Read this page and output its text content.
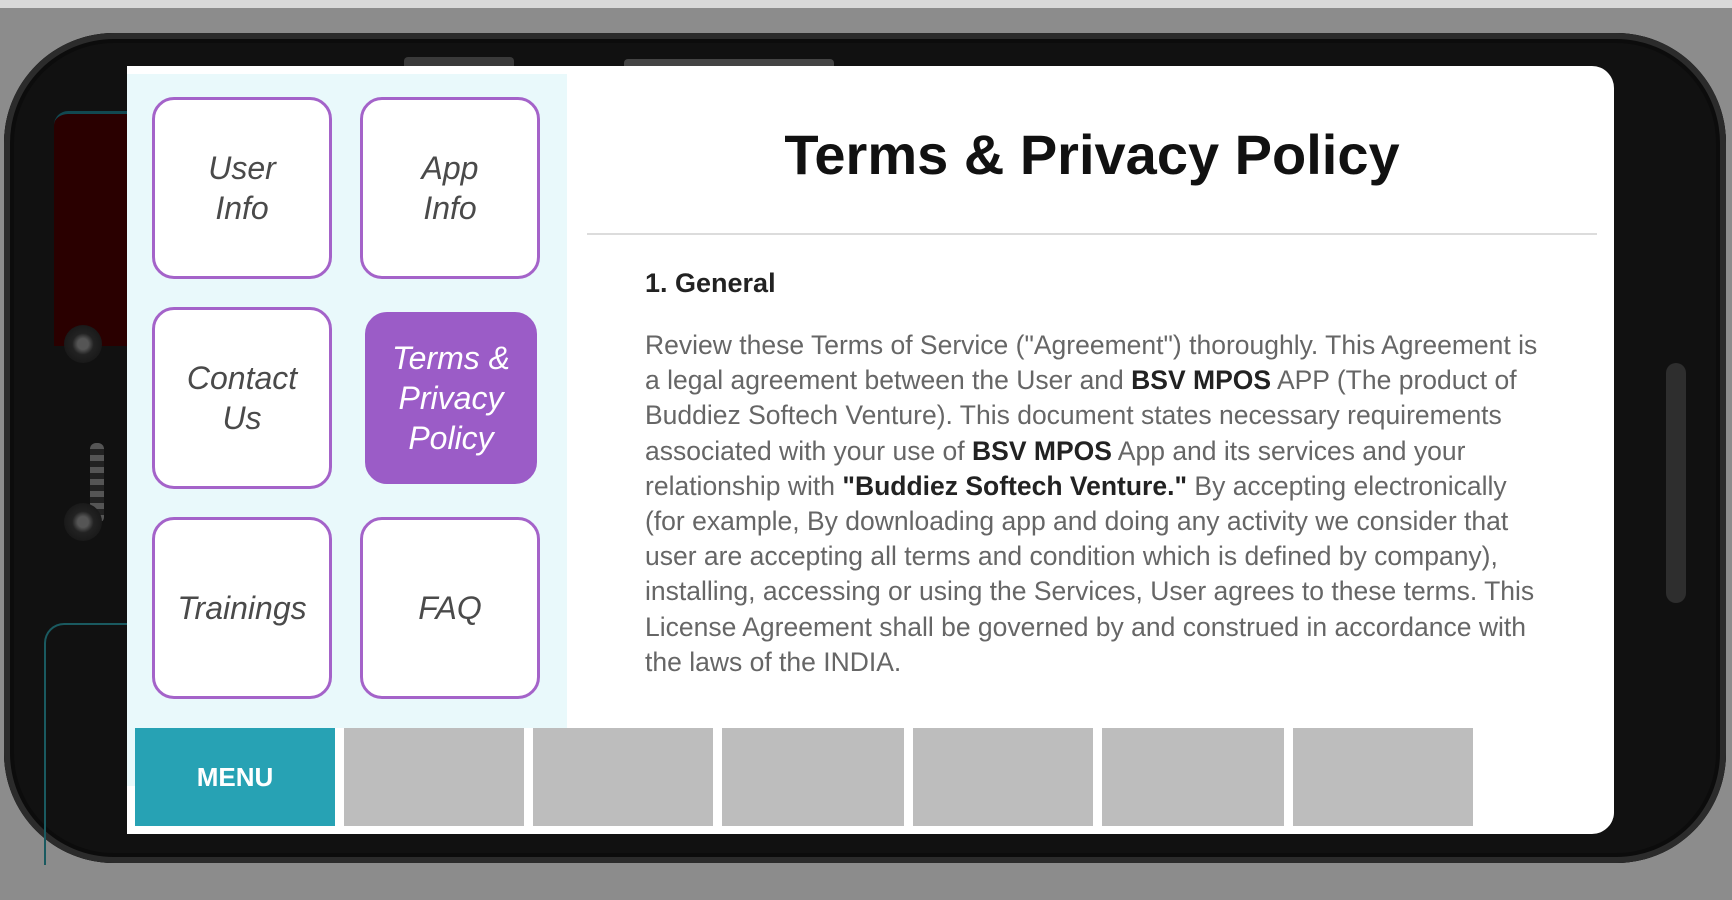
User
Info
App
Info
Contact
Us
Terms &
Privacy
Policy
Trainings	FAQ
Terms & Privacy Policy
1. General
Review these Terms of Service ("Agreement") thoroughly. This Agreement is a legal agreement between the User and BSV MPOS APP (The product of Buddiez Softech Venture). This document states necessary requirements associated with your use of BSV MPOS App and its services and your relationship with "Buddiez Softech Venture." By accepting electronically (for example, By downloading app and doing any activity we consider that user are accepting all terms and condition which is defined by company), installing, accessing or using the Services, User agrees to these terms. This License Agreement shall be governed by and construed in accordance with the laws of the INDIA.
MENU
